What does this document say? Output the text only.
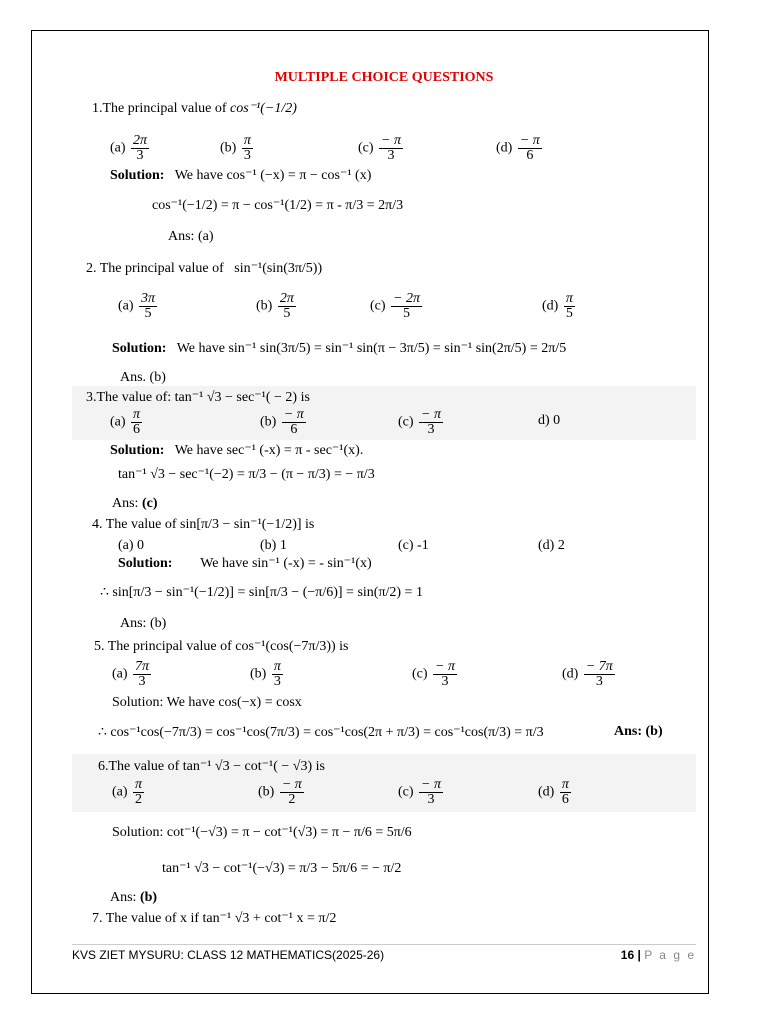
MULTIPLE CHOICE QUESTIONS
1.The principal value of cos⁻¹(−1/2)
$(a) \frac{2\pi}{3}$	$(b) \frac{\pi}{3}$	$(c) \frac{- \pi}{3}$	$(d) \frac{- \pi}{6}$
Solution: We have cos⁻¹ (−x) = π − cos⁻¹ (x)
cos⁻¹(−1/2) = π − cos⁻¹(1/2) = π - π/3 = 2π/3
Ans: (a)
2. The principal value of sin⁻¹(sin(3π/5))
$(a) \frac{3\pi}{5}$	$(b) \frac{2\pi}{5}$	$(c) \frac{- 2\pi}{5}$	$(d) \frac{\pi}{5}$
Solution: We have sin⁻¹ sin(3π/5) = sin⁻¹ sin(π − 3π/5) = sin⁻¹ sin(2π/5) = 2π/5
Ans. (b)
3.The value of: tan⁻¹ √3 − sec⁻¹( − 2) is
$(a) \frac{\pi}{6}$	$(b) \frac{- \pi}{6}$	$(c) \frac{- \pi}{3}$	d) 0
Solution: We have sec⁻¹ (-x) = π - sec⁻¹(x).
tan⁻¹ √3 − sec⁻¹(−2) = π/3 − (π − π/3) = − π/3
Ans: (c)
4. The value of sin[π/3 − sin⁻¹(−1/2)] is
(a) 0	(b) 1	(c) -1	(d) 2
Solution: We have sin⁻¹ (-x) = - sin⁻¹(x)
∴ sin[π/3 − sin⁻¹(−1/2)] = sin[π/3 − (−π/6)] = sin(π/2) = 1
Ans: (b)
5. The principal value of cos⁻¹(cos(−7π/3)) is
$(a) \frac{7\pi}{3}$	$(b) \frac{\pi}{3}$	$(c) \frac{- \pi}{3}$	$(d) \frac{- 7\pi}{3}$
Solution: We have cos(−x) = cosx
∴ cos⁻¹cos(−7π/3) = cos⁻¹cos(7π/3) = cos⁻¹cos(2π + π/3) = cos⁻¹cos(π/3) = π/3	Ans: (b)
6.The value of tan⁻¹ √3 − cot⁻¹( − √3) is
$(a) \frac{\pi}{2}$	$(b) \frac{- \pi}{2}$	$(c) \frac{- \pi}{3}$	$(d) \frac{\pi}{6}$
Solution: cot⁻¹(−√3) = π − cot⁻¹(√3) = π − π/6 = 5π/6
tan⁻¹ √3 − cot⁻¹(−√3) = π/3 − 5π/6 = − π/2
Ans: (b)
7. The value of x if tan⁻¹ √3 + cot⁻¹ x = π/2
KVS ZIET MYSURU: CLASS 12 MATHEMATICS(2025-26)	16 | P a g e
